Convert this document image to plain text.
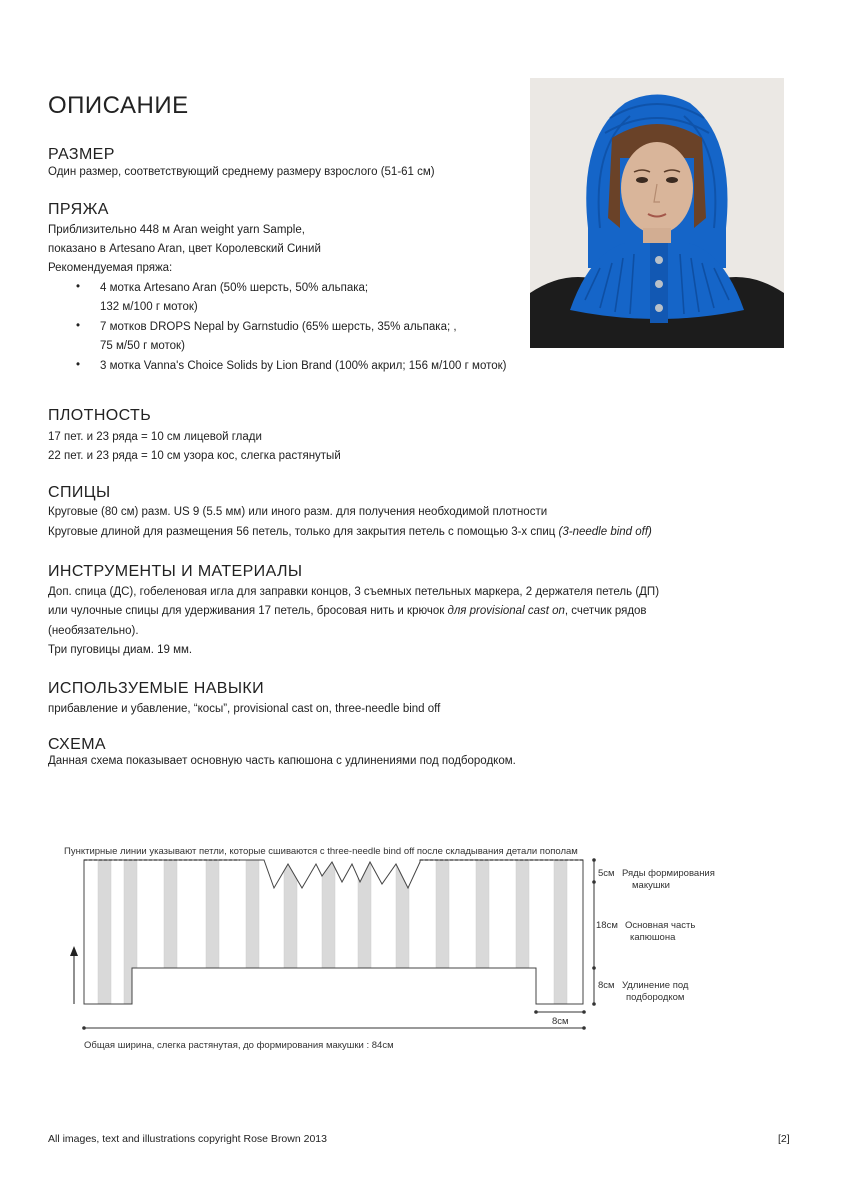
ОПИСАНИЕ
РАЗМЕР
Один размер, соответствующий среднему размеру взрослого (51-61 см)
ПРЯЖА
Приблизительно 448 м Aran weight yarn Sample,
показано в Artesano Aran, цвет Королевский Синий
Рекомендуемая пряжа:
• 4 мотка Artesano Aran (50% шерсть, 50% альпака;
132 м/100 г моток)
• 7 мотков DROPS Nepal by Garnstudio (65% шерсть, 35% альпака; ,
75 м/50 г моток)
• 3 мотка Vanna's Choice Solids by Lion Brand (100% акрил; 156 м/100 г моток)
ПЛОТНОСТЬ
17 пет. и 23 ряда = 10 см лицевой глади
22 пет. и 23 ряда = 10 см узора кос, слегка растянутый
СПИЦЫ
Круговые (80 см) разм. US 9 (5.5 мм) или иного разм. для получения необходимой плотности
Круговые длиной для размещения 56 петель, только для закрытия петель с помощью 3-х спиц (3-needle bind off)
ИНСТРУМЕНТЫ И МАТЕРИАЛЫ
Доп. спица (ДС), гобеленовая игла для заправки концов, 3 съемных петельных маркера, 2 держателя петель (ДП)
или чулочные спицы для удерживания 17 петель, бросовая нить и крючок для provisional cast on, счетчик рядов
(необязательно).
Три пуговицы диам. 19 мм.
ИСПОЛЬЗУЕМЫЕ НАВЫКИ
прибавление и убавление, “косы”, provisional cast on, three-needle bind off
СХЕМА
Данная схема показывает основную часть капюшона с удлинениями под подбородком.
Пунктирные линии указывают петли, которые сшиваются с three-needle bind off после складывания детали пополам
5см Ряды формирования
макушки
18см Основная часть
капюшона
8см Удлинение под
подбородком
8см
Общая ширина, слегка растянутая, до формирования макушки : 84см
All images, text and illustrations copyright Rose Brown 2013	[2]
